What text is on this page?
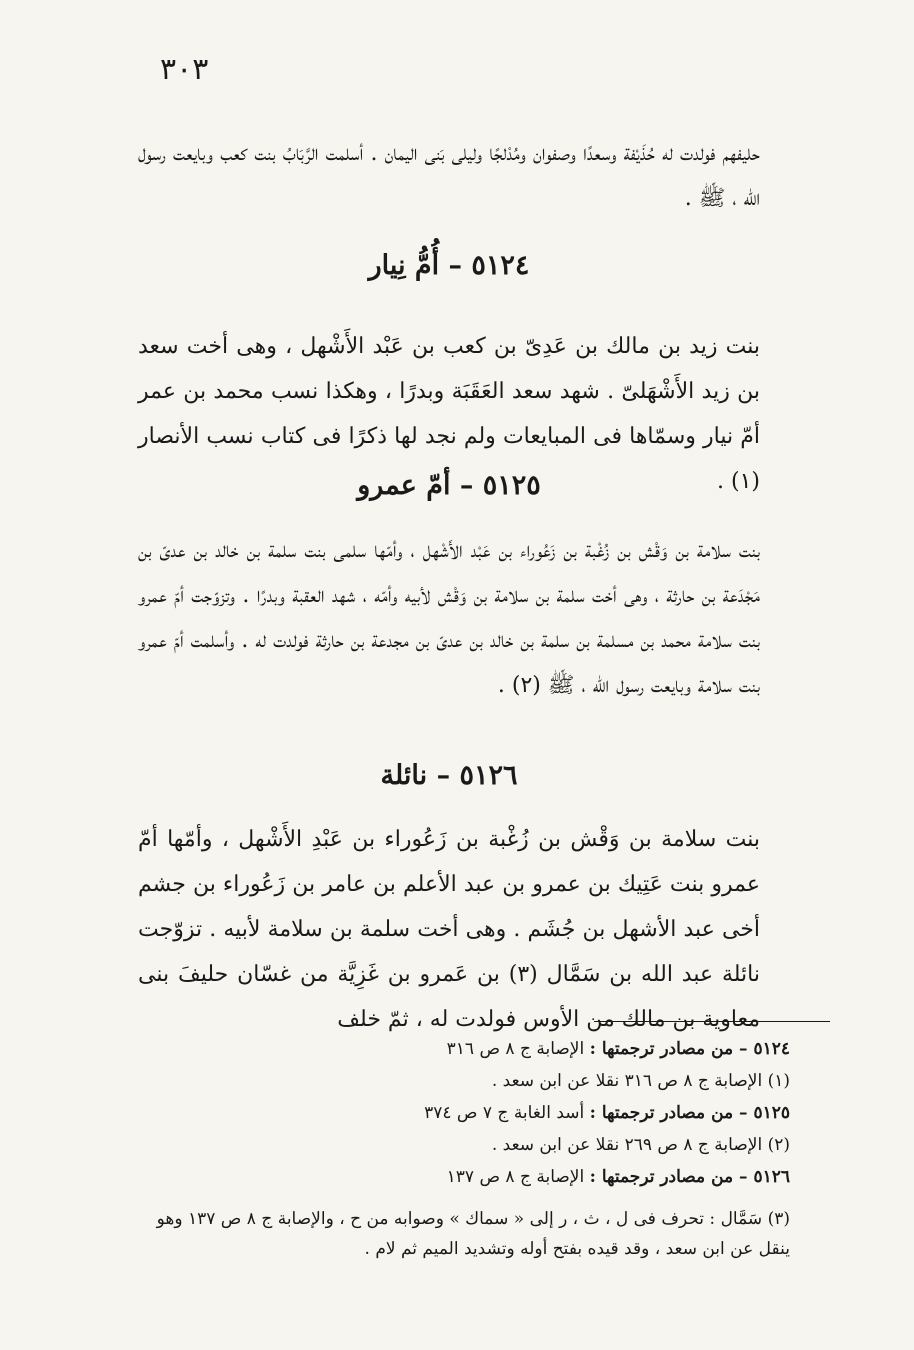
٣٠٣
حليفهم فولدت له حُذَيْفة وسعدًا وصفوان ومُدْلجًا وليلى بَنى اليمان . أسلمت الرَّبَابُ بنت كعب وبايعت رسول الله ، ﷺ .
٥١٢٤ – أُمُّ نِيار
بنت زيد بن مالك بن عَدِىّ بن كعب بن عَبْد الأَشْهل ، وهى أخت سعد بن زيد الأَشْهَلىّ . شهد سعد العَقَبَة وبدرًا ، وهكذا نسب محمد بن عمر أمّ نيار وسمّاها فى المبايعات ولم نجد لها ذكرًا فى كتاب نسب الأنصار (١) .
٥١٢٥ – أمّ عمرو
بنت سلامة بن وَقْش بن زُغْبة بن زَعُوراء بن عَبْد الأَشْهل ، وأمّها سلمى بنت سلمة بن خالد بن عدىّ بن مَجْدَعة بن حارثة ، وهى أخت سلمة بن سلامة بن وَقْش لأبيه وأمّه ، شهد العقبة وبدرًا . وتزوّجت أمّ عمرو بنت سلامة محمد بن مسلمة بن سلمة بن خالد بن عدىّ بن مجدعة بن حارثة فولدت له . وأسلمت أمّ عمرو بنت سلامة وبايعت رسول الله ، ﷺ (٢) .
٥١٢٦ – نائلة
بنت سلامة بن وَقْش بن زُغْبة بن زَعُوراء بن عَبْدِ الأَشْهل ، وأمّها أمّ عمرو بنت عَتِيك بن عمرو بن عبد الأعلم بن عامر بن زَعُوراء بن جشم أخى عبد الأشهل بن جُشَم . وهى أخت سلمة بن سلامة لأبيه . تزوّجت نائلة عبد الله بن سَمَّال (٣) بن عَمرو بن غَزِيَّة من غسّان حليفَ بنى معاوية بن مالك من الأوس فولدت له ، ثمّ خلف
٥١٢٤ – من مصادر ترجمتها : الإصابة ج ٨ ص ٣١٦
(١) الإصابة ج ٨ ص ٣١٦ نقلا عن ابن سعد .
٥١٢٥ – من مصادر ترجمتها : أسد الغابة ج ٧ ص ٣٧٤
(٢) الإصابة ج ٨ ص ٢٦٩ نقلا عن ابن سعد .
٥١٢٦ – من مصادر ترجمتها : الإصابة ج ٨ ص ١٣٧
(٣) سَمَّال : تحرف فى ل ، ث ، ر إلى « سماك » وصوابه من ح ، والإصابة ج ٨ ص ١٣٧ وهو ينقل عن ابن سعد ، وقد قيده بفتح أوله وتشديد الميم ثم لام .
